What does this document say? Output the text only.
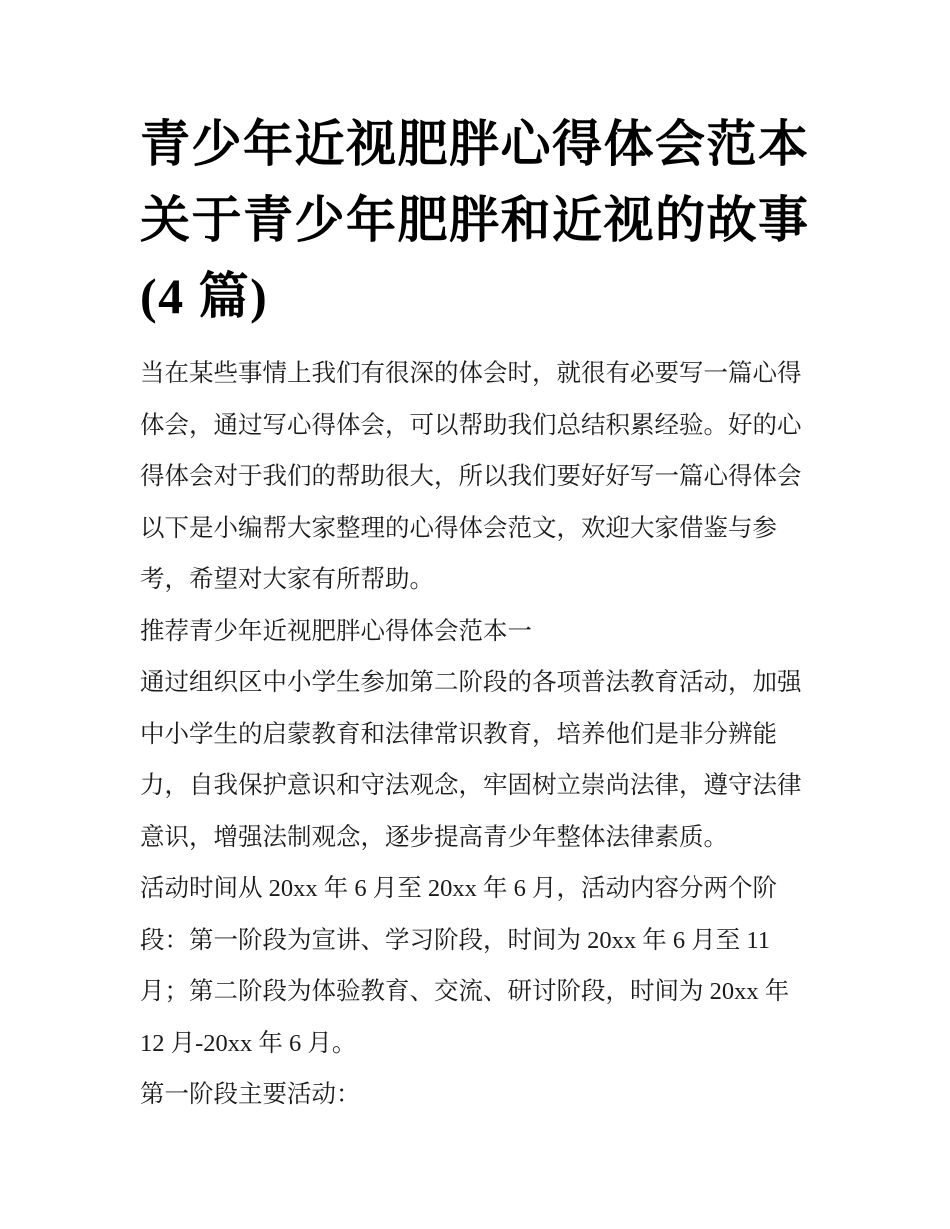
青少年近视肥胖心得体会范本
关于青少年肥胖和近视的故事
(4 篇)

当在某些事情上我们有很深的体会时，就很有必要写一篇心得
体会，通过写心得体会，可以帮助我们总结积累经验。好的心
得体会对于我们的帮助很大，所以我们要好好写一篇心得体会
以下是小编帮大家整理的心得体会范文，欢迎大家借鉴与参
考，希望对大家有所帮助。

推荐青少年近视肥胖心得体会范本一

通过组织区中小学生参加第二阶段的各项普法教育活动，加强
中小学生的启蒙教育和法律常识教育，培养他们是非分辨能
力，自我保护意识和守法观念，牢固树立崇尚法律，遵守法律
意识，增强法制观念，逐步提高青少年整体法律素质。

活动时间从 20xx 年 6 月至 20xx 年 6 月，活动内容分两个阶
段：第一阶段为宣讲、学习阶段，时间为 20xx 年 6 月至 11
月；第二阶段为体验教育、交流、研讨阶段，时间为 20xx 年
12 月-20xx 年 6 月。

第一阶段主要活动：
